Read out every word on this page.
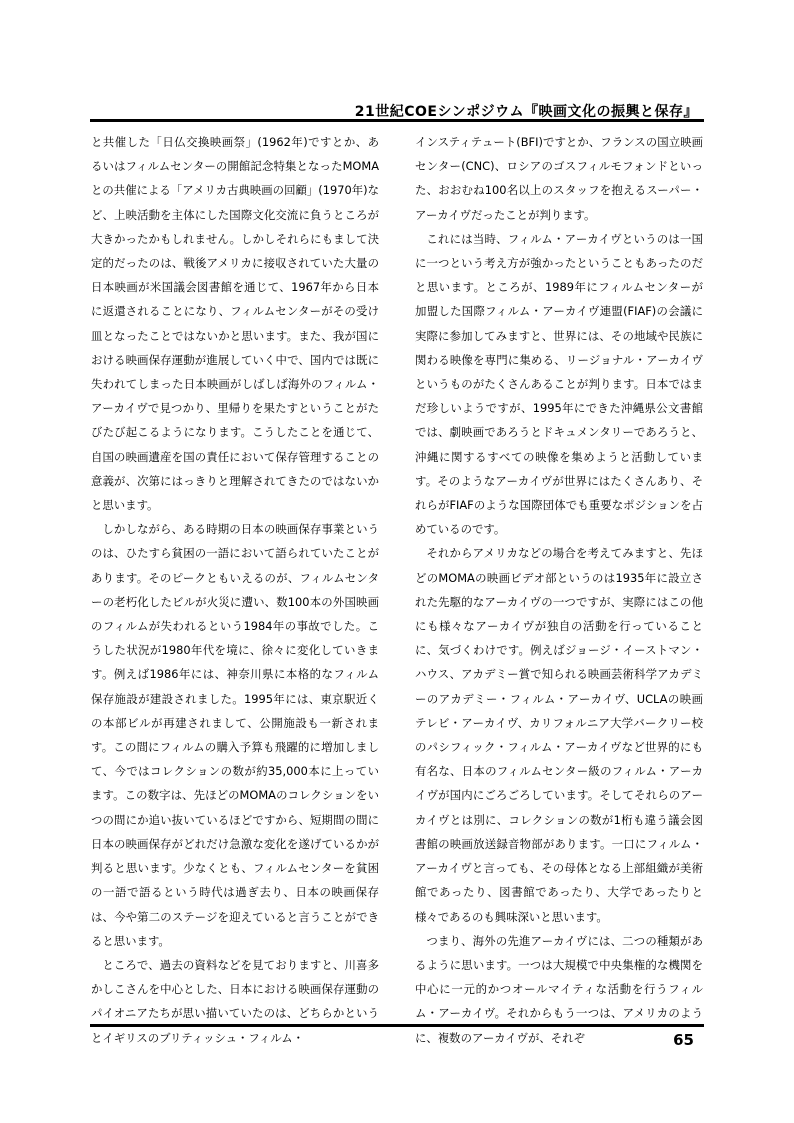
21世紀COEシンポジウム『映画文化の振興と保存』

と共催した「日仏交換映画祭」(1962年)ですとか、あるいはフィルムセンターの開館記念特集となったMOMAとの共催による「アメリカ古典映画の回顧」(1970年)など、上映活動を主体にした国際文化交流に負うところが大きかったかもしれません。しかしそれらにもまして決定的だったのは、戦後アメリカに接収されていた大量の日本映画が米国議会図書館を通じて、1967年から日本に返還されることになり、フィルムセンターがその受け皿となったことではないかと思います。また、我が国における映画保存運動が進展していく中で、国内では既に失われてしまった日本映画がしばしば海外のフィルム・アーカイヴで見つかり、里帰りを果たすということがたびたび起こるようになります。こうしたことを通じて、自国の映画遺産を国の責任において保存管理することの意義が、次第にはっきりと理解されてきたのではないかと思います。

しかしながら、ある時期の日本の映画保存事業というのは、ひたすら貧困の一語において語られていたことがあります。そのピークともいえるのが、フィルムセンターの老朽化したビルが火災に遭い、数100本の外国映画のフィルムが失われるという1984年の事故でした。こうした状況が1980年代を境に、徐々に変化していきます。例えば1986年には、神奈川県に本格的なフィルム保存施設が建設されました。1995年には、東京駅近くの本部ビルが再建されまして、公開施設も一新されます。この間にフィルムの購入予算も飛躍的に増加しまして、今ではコレクションの数が約35,000本に上っています。この数字は、先ほどのMOMAのコレクションをいつの間にか追い抜いているほどですから、短期間の間に日本の映画保存がどれだけ急激な変化を遂げているかが判ると思います。少なくとも、フィルムセンターを貧困の一語で語るという時代は過ぎ去り、日本の映画保存は、今や第二のステージを迎えていると言うことができると思います。

ところで、過去の資料などを見ておりますと、川喜多かしこさんを中心とした、日本における映画保存運動のパイオニアたちが思い描いていたのは、どちらかというとイギリスのブリティッシュ・フィルム・

インスティテュート(BFI)ですとか、フランスの国立映画センター(CNC)、ロシアのゴスフィルモフォンドといった、おおむね100名以上のスタッフを抱えるスーパー・アーカイヴだったことが判ります。

これには当時、フィルム・アーカイヴというのは一国に一つという考え方が強かったということもあったのだと思います。ところが、1989年にフィルムセンターが加盟した国際フィルム・アーカイヴ連盟(FIAF)の会議に実際に参加してみますと、世界には、その地域や民族に関わる映像を専門に集める、リージョナル・アーカイヴというものがたくさんあることが判ります。日本ではまだ珍しいようですが、1995年にできた沖縄県公文書館では、劇映画であろうとドキュメンタリーであろうと、沖縄に関するすべての映像を集めようと活動しています。そのようなアーカイヴが世界にはたくさんあり、それらがFIAFのような国際団体でも重要なポジションを占めているのです。

それからアメリカなどの場合を考えてみますと、先ほどのMOMAの映画ビデオ部というのは1935年に設立された先駆的なアーカイヴの一つですが、実際にはこの他にも様々なアーカイヴが独自の活動を行っていることに、気づくわけです。例えばジョージ・イーストマン・ハウス、アカデミー賞で知られる映画芸術科学アカデミーのアカデミー・フィルム・アーカイヴ、UCLAの映画テレビ・アーカイヴ、カリフォルニア大学バークリー校のパシフィック・フィルム・アーカイヴなど世界的にも有名な、日本のフィルムセンター級のフィルム・アーカイヴが国内にごろごろしています。そしてそれらのアーカイヴとは別に、コレクションの数が1桁も違う議会図書館の映画放送録音物部があります。一口にフィルム・アーカイヴと言っても、その母体となる上部組織が美術館であったり、図書館であったり、大学であったりと様々であるのも興味深いと思います。

つまり、海外の先進アーカイヴには、二つの種類があるように思います。一つは大規模で中央集権的な機関を中心に一元的かつオールマイティな活動を行うフィルム・アーカイヴ。それからもう一つは、アメリカのように、複数のアーカイヴが、それぞ	65
